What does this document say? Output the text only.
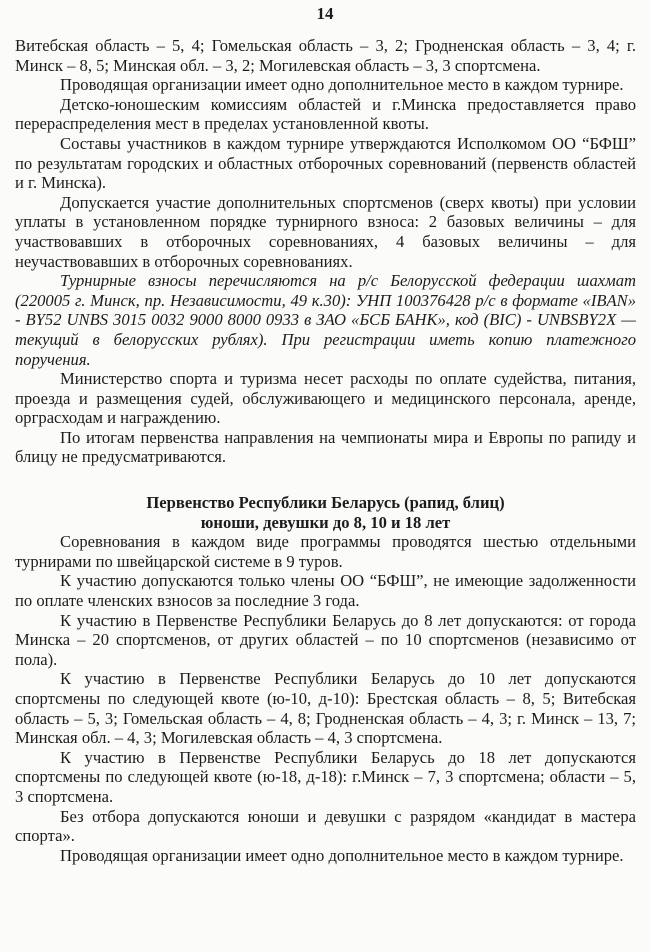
14

Витебская область – 5, 4; Гомельская область – 3, 2; Гродненская область – 3, 4; г. Минск – 8, 5; Минская обл. – 3, 2; Могилевская область – 3, 3 спортсмена.

Проводящая организации имеет одно дополнительное место в каждом турнире.

Детско-юношеским комиссиям областей и г.Минска предоставляется право перераспределения мест в пределах установленной квоты.

Составы участников в каждом турнире утверждаются Исполкомом ОО “БФШ” по результатам городских и областных отборочных соревнований (первенств областей и г. Минска).

Допускается участие дополнительных спортсменов (сверх квоты) при условии уплаты в установленном порядке турнирного взноса: 2 базовых величины – для участвовавших в отборочных соревнованиях, 4 базовых величины – для неучаствовавших в отборочных соревнованиях.

Турнирные взносы перечисляются на р/с Белорусской федерации шахмат (220005 г. Минск, пр. Независимости, 49 к.30): УНП 100376428 р/с в формате «IBAN» - BY52 UNBS 3015 0032 9000 8000 0933 в ЗАО «БСБ БАНК», код (BIC) - UNBSBY2X — текущий в белорусских рублях). При регистрации иметь копию платежного поручения.

Министерство спорта и туризма несет расходы по оплате судейства, питания, проезда и размещения судей, обслуживающего и медицинского персонала, аренде, орграсходам и награждению.

По итогам первенства направления на чемпионаты мира и Европы по рапиду и блицу не предусматриваются.

Первенство Республики Беларусь (рапид, блиц)
юноши, девушки до 8, 10 и 18 лет

Соревнования в каждом виде программы проводятся шестью отдельными турнирами по швейцарской системе в 9 туров.

К участию допускаются только члены ОО “БФШ”, не имеющие задолженности по оплате членских взносов за последние 3 года.

К участию в Первенстве Республики Беларусь до 8 лет допускаются: от города Минска – 20 спортсменов, от других областей – по 10 спортсменов (независимо от пола).

К участию в Первенстве Республики Беларусь до 10 лет допускаются спортсмены по следующей квоте (ю-10, д-10): Брестская область – 8, 5; Витебская область – 5, 3; Гомельская область – 4, 8; Гродненская область – 4, 3; г. Минск – 13, 7; Минская обл. – 4, 3; Могилевская область – 4, 3 спортсмена.

К участию в Первенстве Республики Беларусь до 18 лет допускаются спортсмены по следующей квоте (ю-18, д-18): г.Минск – 7, 3 спортсмена; области – 5, 3 спортсмена.

Без отбора допускаются юноши и девушки с разрядом «кандидат в мастера спорта».

Проводящая организации имеет одно дополнительное место в каждом турнире.
